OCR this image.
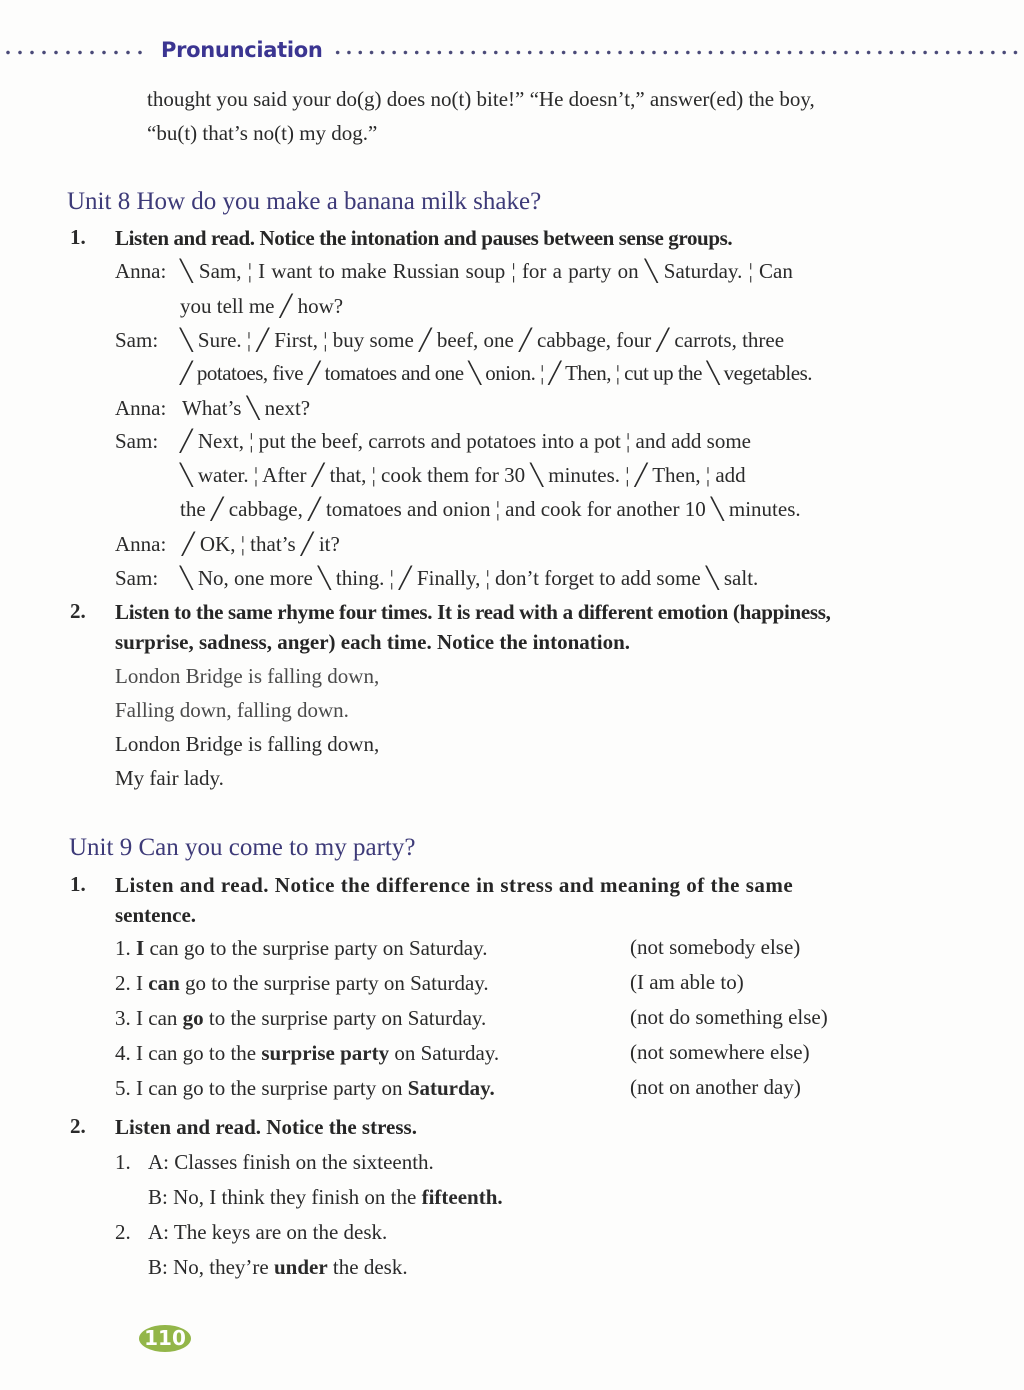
Pronunciation
thought you said your do(g) does no(t) bite!” “He doesn’t,” answer(ed) the boy,
“bu(t) that’s no(t) my dog.”
Unit 8 How do you make a banana milk shake?
1. Listen and read. Notice the intonation and pauses between sense groups.
Anna: ╲ Sam, ¦ I want to make Russian soup ¦ for a party on ╲ Saturday. ¦ Can
you tell me ╱ how?
Sam: ╲ Sure. ¦ ╱ First, ¦ buy some ╱ beef, one ╱ cabbage, four ╱ carrots, three
╱ potatoes, five ╱ tomatoes and one ╲ onion. ¦ ╱ Then, ¦ cut up the ╲ vegetables.
Anna: What’s ╲ next?
Sam: ╱ Next, ¦ put the beef, carrots and potatoes into a pot ¦ and add some
╲ water. ¦ After ╱ that, ¦ cook them for 30 ╲ minutes. ¦ ╱ Then, ¦ add
the ╱ cabbage, ╱ tomatoes and onion ¦ and cook for another 10 ╲ minutes.
Anna: ╱ OK, ¦ that’s ╱ it?
Sam: ╲ No, one more ╲ thing. ¦ ╱ Finally, ¦ don’t forget to add some ╲ salt.
2. Listen to the same rhyme four times. It is read with a different emotion (happiness,
surprise, sadness, anger) each time. Notice the intonation.
London Bridge is falling down,
Falling down, falling down.
London Bridge is falling down,
My fair lady.
Unit 9 Can you come to my party?
1. Listen and read. Notice the difference in stress and meaning of the same
sentence.
1. I can go to the surprise party on Saturday.	(not somebody else)
2. I can go to the surprise party on Saturday.	(I am able to)
3. I can go to the surprise party on Saturday.	(not do something else)
4. I can go to the surprise party on Saturday.	(not somewhere else)
5. I can go to the surprise party on Saturday.	(not on another day)
2. Listen and read. Notice the stress.
1. A: Classes finish on the sixteenth.
B: No, I think they finish on the fifteenth.
2. A: The keys are on the desk.
B: No, they’re under the desk.
110
